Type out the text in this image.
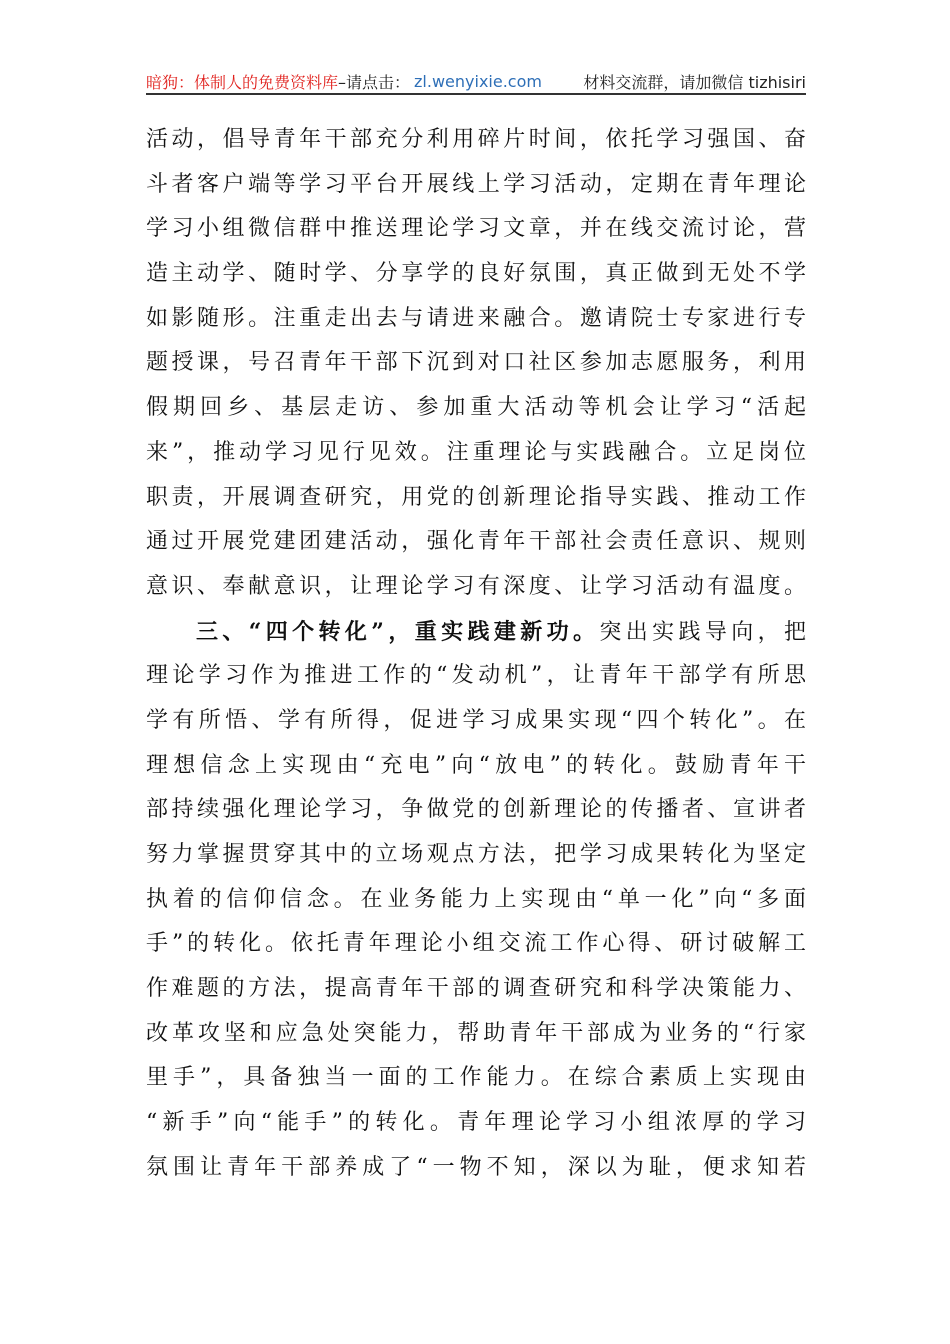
暗狗：体制人的免费资料库 –请点击： zl.wenyixie.com	材料交流群，请加微信 tizhisiri
活动，倡导青年干部充分利用碎片时间，依托学习强国、奋
斗者客户端等学习平台开展线上学习活动，定期在青年理论
学习小组微信群中推送理论学习文章，并在线交流讨论，营
造主动学、随时学、分享学的良好氛围，真正做到无处不学
如影随形。注重走出去与请进来融合。邀请院士专家进行专
题授课，号召青年干部下沉到对口社区参加志愿服务，利用
假期回乡、基层走访、参加重大活动等机会让学习“活起
来”，推动学习见行见效。注重理论与实践融合。立足岗位
职责，开展调查研究，用党的创新理论指导实践、推动工作
通过开展党建团建活动，强化青年干部社会责任意识、规则
意识、奉献意识，让理论学习有深度、让学习活动有温度。
三、“四个转化”，重实践建新功。突出实践导向，把
理论学习作为推进工作的“发动机”，让青年干部学有所思
学有所悟、学有所得，促进学习成果实现“四个转化”。在
理想信念上实现由“充电”向“放电”的转化。鼓励青年干
部持续强化理论学习，争做党的创新理论的传播者、宣讲者
努力掌握贯穿其中的立场观点方法，把学习成果转化为坚定
执着的信仰信念。在业务能力上实现由“单一化”向“多面
手”的转化。依托青年理论小组交流工作心得、研讨破解工
作难题的方法，提高青年干部的调查研究和科学决策能力、
改革攻坚和应急处突能力，帮助青年干部成为业务的“行家
里手”，具备独当一面的工作能力。在综合素质上实现由
“新手”向“能手”的转化。青年理论学习小组浓厚的学习
氛围让青年干部养成了“一物不知，深以为耻，便求知若
